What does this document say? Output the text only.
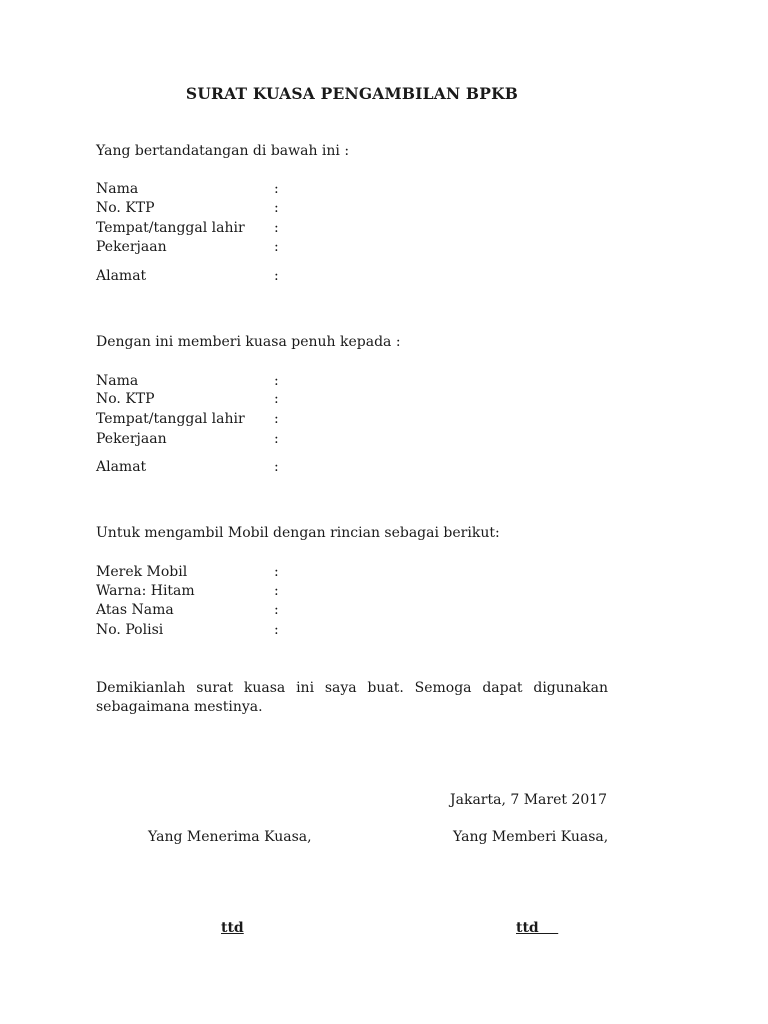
SURAT KUASA PENGAMBILAN BPKB
Yang bertandatangan di bawah ini :
Nama	:
No. KTP	:
Tempat/tanggal lahir :
Pekerjaan	:
Alamat	:
Dengan ini memberi kuasa penuh kepada :
Nama	:
No. KTP	:
Tempat/tanggal lahir :
Pekerjaan	:
Alamat	:
Untuk mengambil Mobil dengan rincian sebagai berikut:
Merek Mobil	:
Warna: Hitam	:
Atas Nama	:
No. Polisi	:
Demikianlah surat kuasa ini saya buat. Semoga dapat digunakan sebagaimana mestinya.
Jakarta, 7 Maret 2017
Yang Menerima Kuasa,	Yang Memberi Kuasa,
ttd	ttd
